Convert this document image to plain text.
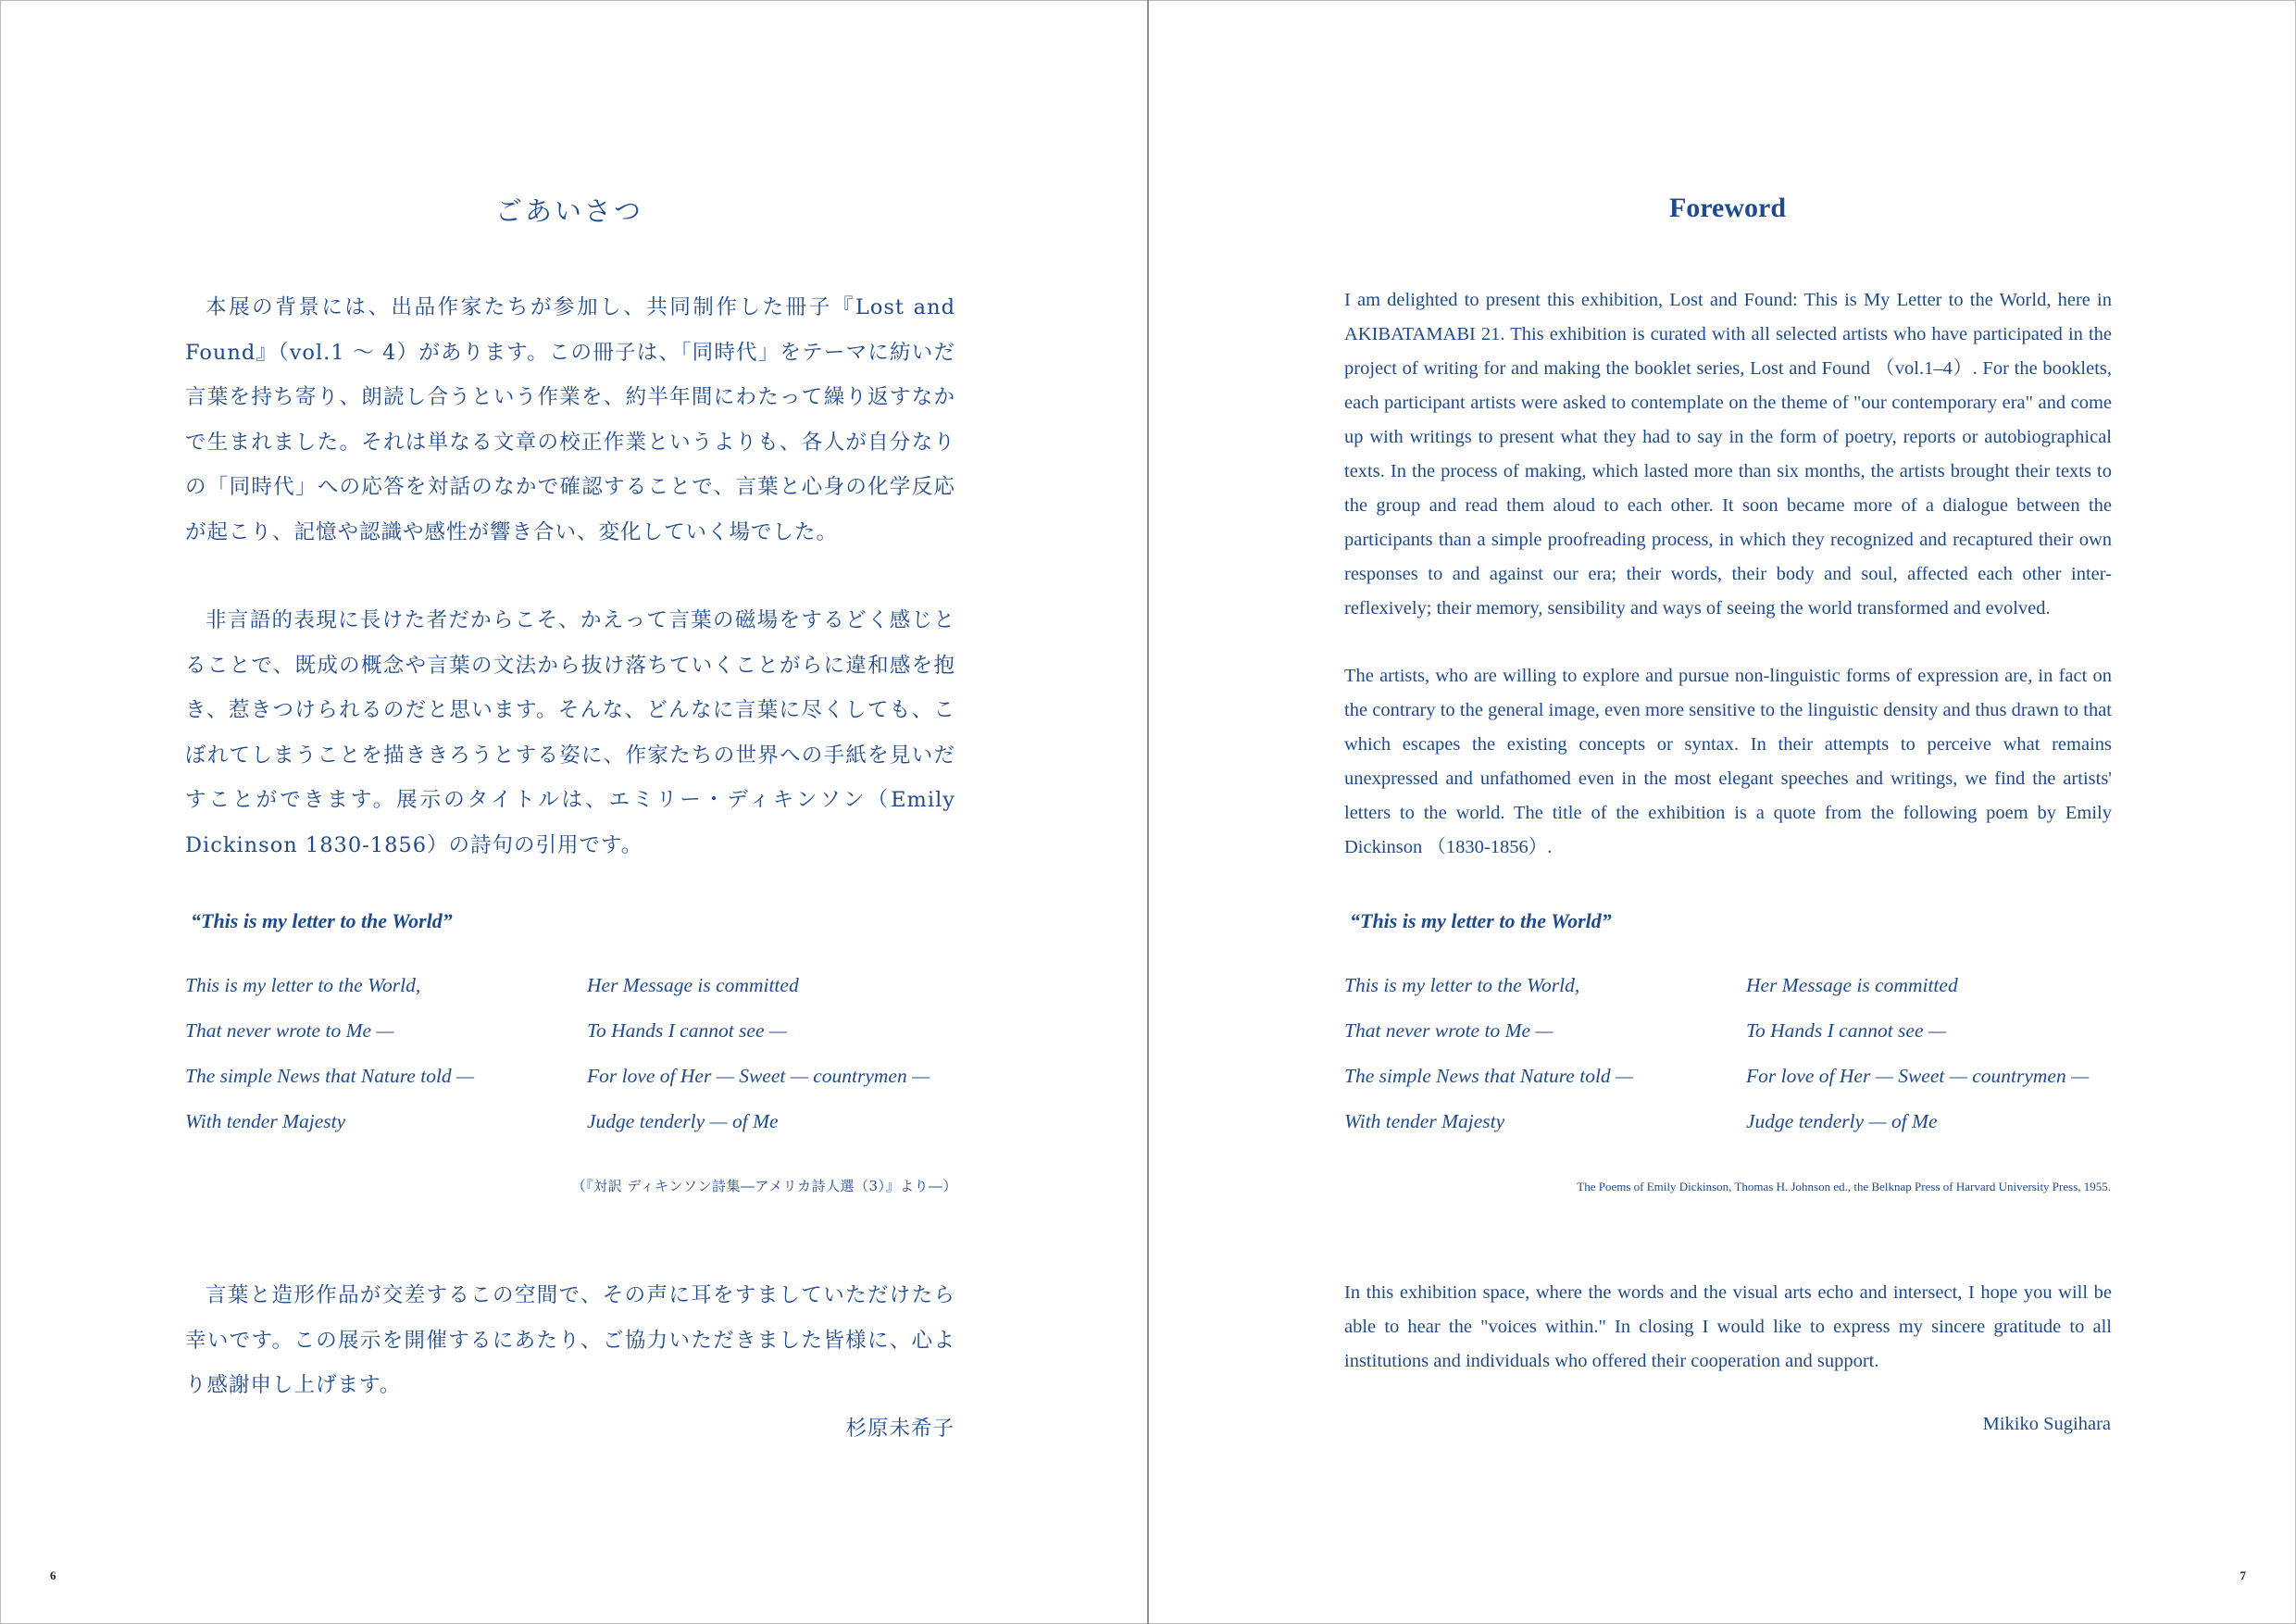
ごあいさつ

本展の背景には、出品作家たちが参加し、共同制作した冊子『Lost and Found』（vol.1 〜 4）があります。この冊子は、「同時代」をテーマに紡いだ言葉を持ち寄り、朗読し合うという作業を、約半年間にわたって繰り返すなかで生まれました。それは単なる文章の校正作業というよりも、各人が自分なりの「同時代」への応答を対話のなかで確認することで、言葉と心身の化学反応が起こり、記憶や認識や感性が響き合い、変化していく場でした。

非言語的表現に長けた者だからこそ、かえって言葉の磁場をするどく感じとることで、既成の概念や言葉の文法から抜け落ちていくことがらに違和感を抱き、惹きつけられるのだと思います。そんな、どんなに言葉に尽くしても、こぼれてしまうことを描ききろうとする姿に、作家たちの世界への手紙を見いだすことができます。展示のタイトルは、エミリー・ディキンソン（Emily Dickinson 1830-1856）の詩句の引用です。

“This is my letter to the World”
This is my letter to the World,
That never wrote to Me —
The simple News that Nature told —
With tender Majesty
Her Message is committed
To Hands I cannot see —
For love of Her — Sweet — countrymen —
Judge tenderly — of Me
（『対訳 ディキンソン詩集―アメリカ詩人選（3）』より―）

言葉と造形作品が交差するこの空間で、その声に耳をすましていただけたら幸いです。この展示を開催するにあたり、ご協力いただきました皆様に、心より感謝申し上げます。

杉原未希子
6
Foreword

I am delighted to present this exhibition, Lost and Found: This is My Letter to the World, here in AKIBATAMABI 21. This exhibition is curated with all selected artists who have participated in the project of writing for and making the booklet series, Lost and Found （vol.1–4）. For the booklets, each participant artists were asked to contemplate on the theme of "our contemporary era" and come up with writings to present what they had to say in the form of poetry, reports or autobiographical texts. In the process of making, which lasted more than six months, the artists brought their texts to the group and read them aloud to each other. It soon became more of a dialogue between the participants than a simple proofreading process, in which they recognized and recaptured their own responses to and against our era; their words, their body and soul, affected each other inter- reflexively; their memory, sensibility and ways of seeing the world transformed and evolved.

The artists, who are willing to explore and pursue non-linguistic forms of expression are, in fact on the contrary to the general image, even more sensitive to the linguistic density and thus drawn to that which escapes the existing concepts or syntax. In their attempts to perceive what remains unexpressed and unfathomed even in the most elegant speeches and writings, we find the artists' letters to the world. The title of the exhibition is a quote from the following poem by Emily Dickinson （1830-1856）.

“This is my letter to the World”
This is my letter to the World,
That never wrote to Me —
The simple News that Nature told —
With tender Majesty
Her Message is committed
To Hands I cannot see —
For love of Her — Sweet — countrymen —
Judge tenderly — of Me
The Poems of Emily Dickinson, Thomas H. Johnson ed., the Belknap Press of Harvard University Press, 1955.

In this exhibition space, where the words and the visual arts echo and intersect, I hope you will be able to hear the "voices within." In closing I would like to express my sincere gratitude to all institutions and individuals who offered their cooperation and support.

Mikiko Sugihara
7
